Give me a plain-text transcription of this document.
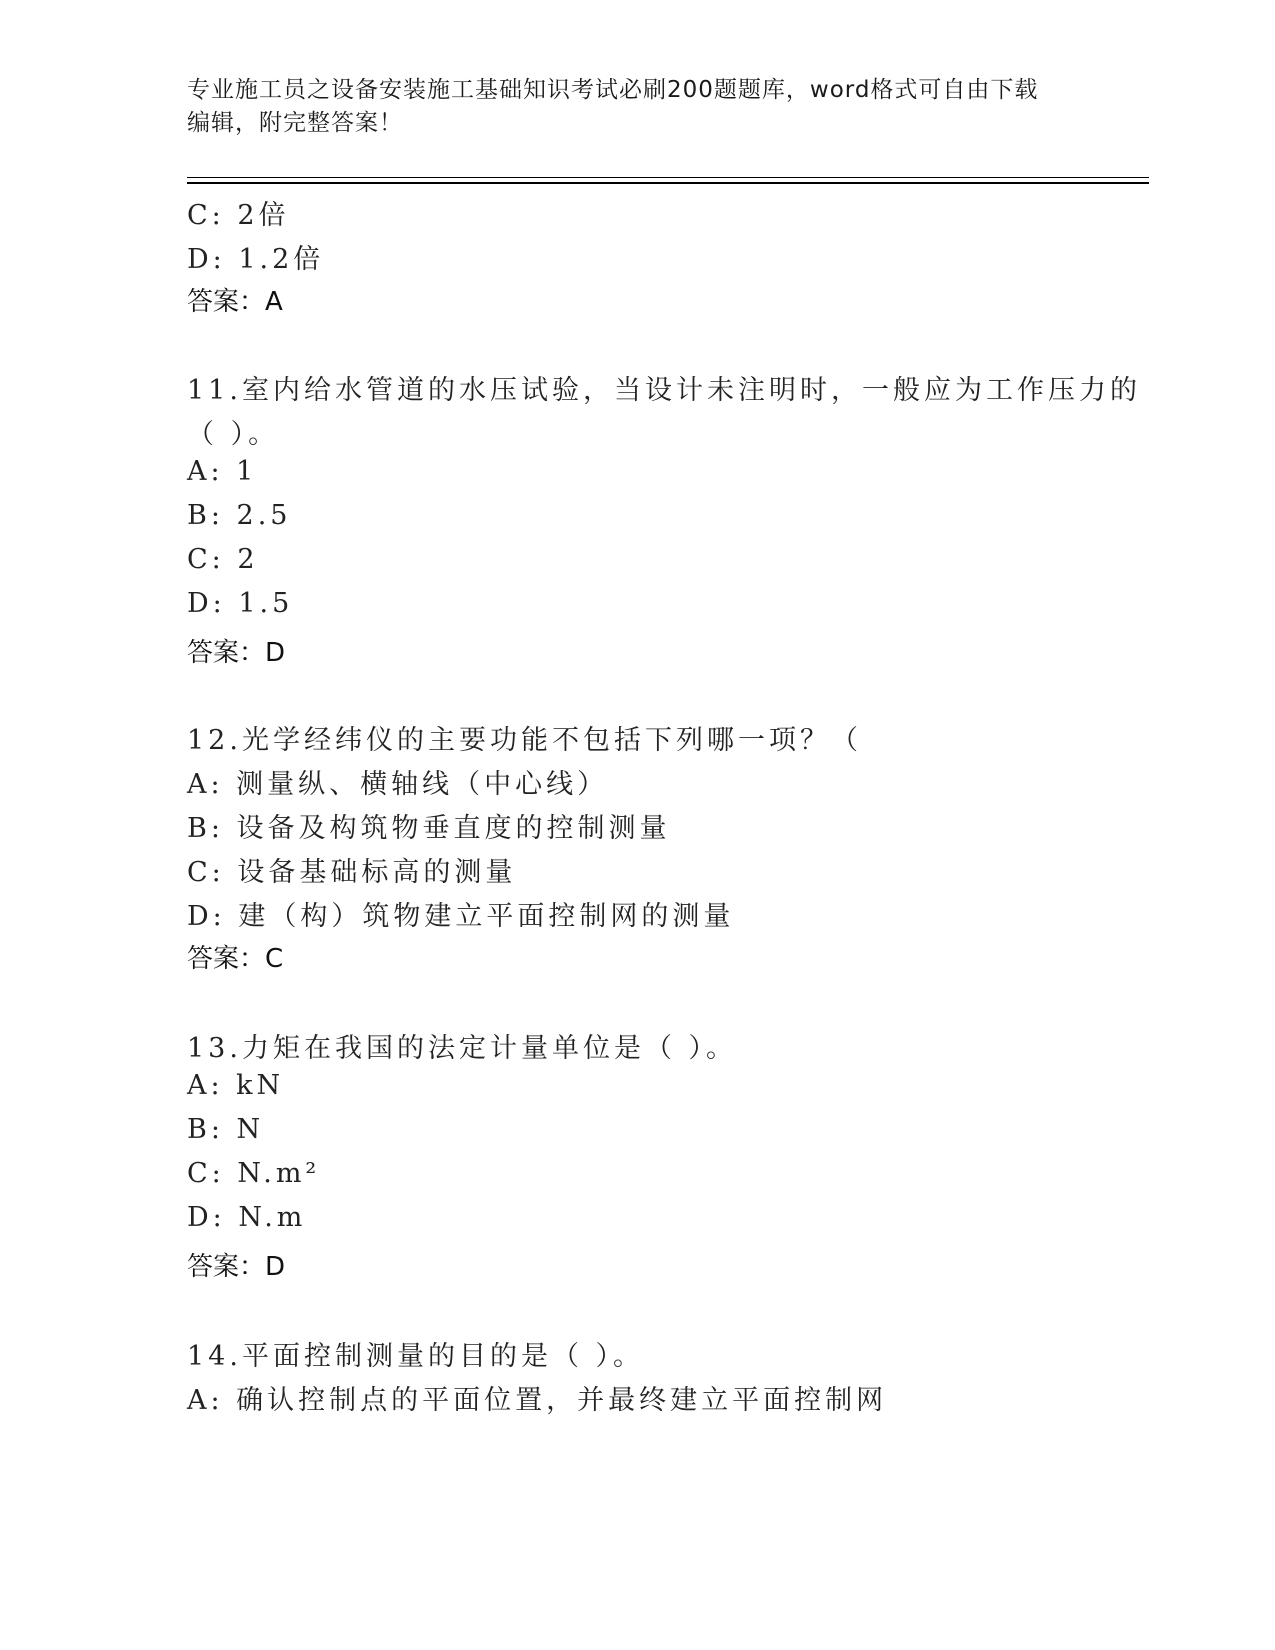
专业施工员之设备安装施工基础知识考试必刷200题题库，word格式可自由下载
编辑，附完整答案！
C: 2倍
D: 1.2倍
答案：A
11.室内给水管道的水压试验，当设计未注明时，一般应为工作压力的
（ ）。
A: 1
B: 2.5
C: 2
D: 1.5
答案：D
12.光学经纬仪的主要功能不包括下列哪一项？（
A: 测量纵、横轴线（中心线）
B: 设备及构筑物垂直度的控制测量
C: 设备基础标高的测量
D: 建（构）筑物建立平面控制网的测量
答案：C
13.力矩在我国的法定计量单位是（ ）。
A: kN
B: N
C: N.m²
D: N.m
答案：D
14.平面控制测量的目的是（ ）。
A: 确认控制点的平面位置，并最终建立平面控制网
